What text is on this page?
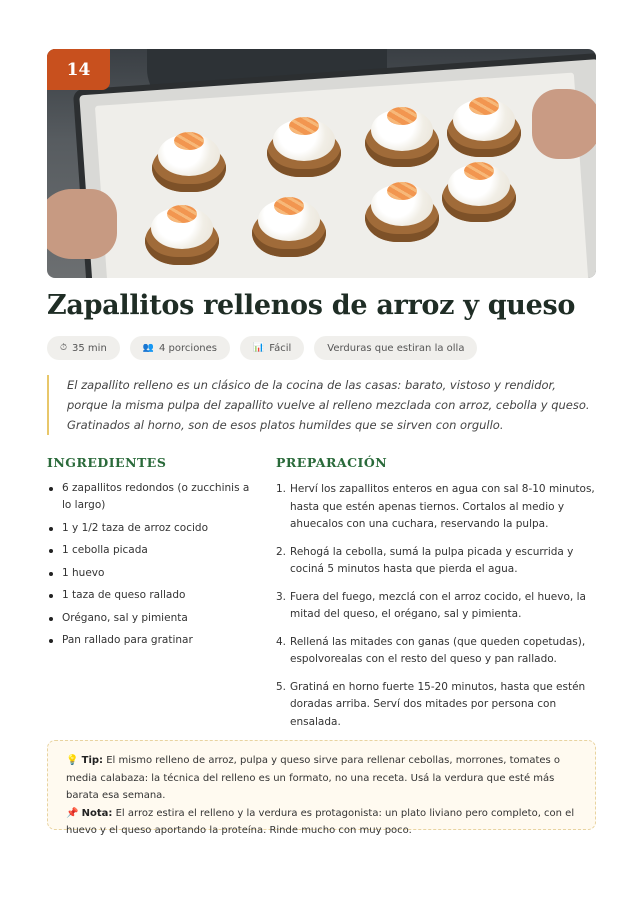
14
Zapallitos rellenos de arroz y queso
⏱ 35 min	👥 4 porciones	📊 Fácil	Verduras que estiran la olla
El zapallito relleno es un clásico de la cocina de las casas: barato, vistoso y rendidor, porque la misma pulpa del zapallito vuelve al relleno mezclada con arroz, cebolla y queso. Gratinados al horno, son de esos platos humildes que se sirven con orgullo.
INGREDIENTES
6 zapallitos redondos (o zucchinis a lo largo)
1 y 1/2 taza de arroz cocido
1 cebolla picada
1 huevo
1 taza de queso rallado
Orégano, sal y pimienta
Pan rallado para gratinar
PREPARACIÓN
1. Herví los zapallitos enteros en agua con sal 8-10 minutos, hasta que estén apenas tiernos. Cortalos al medio y ahuecalos con una cuchara, reservando la pulpa.
2. Rehogá la cebolla, sumá la pulpa picada y escurrida y cociná 5 minutos hasta que pierda el agua.
3. Fuera del fuego, mezclá con el arroz cocido, el huevo, la mitad del queso, el orégano, sal y pimienta.
4. Rellená las mitades con ganas (que queden copetudas), espolvorealas con el resto del queso y pan rallado.
5. Gratiná en horno fuerte 15-20 minutos, hasta que estén doradas arriba. Serví dos mitades por persona con ensalada.
💡 Tip: El mismo relleno de arroz, pulpa y queso sirve para rellenar cebollas, morrones, tomates o media calabaza: la técnica del relleno es un formato, no una receta. Usá la verdura que esté más barata esa semana.
📌 Nota: El arroz estira el relleno y la verdura es protagonista: un plato liviano pero completo, con el huevo y el queso aportando la proteína. Rinde mucho con muy poco.
